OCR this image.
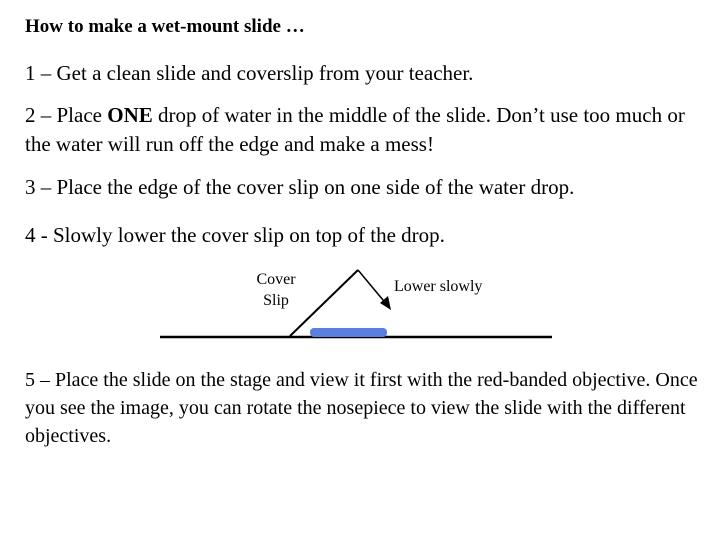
How to make a wet-mount slide …
1 – Get a clean slide and coverslip from your teacher.
2 – Place ONE drop of water in the middle of the slide. Don’t use too much or the water will run off the edge and make a mess!
3 – Place the edge of the cover slip on one side of the water drop.
4 - Slowly lower the cover slip on top of the drop.
Cover
Slip
Lower slowly
5 – Place the slide on the stage and view it first with the red-banded objective. Once you see the image, you can rotate the nosepiece to view the slide with the different objectives.
